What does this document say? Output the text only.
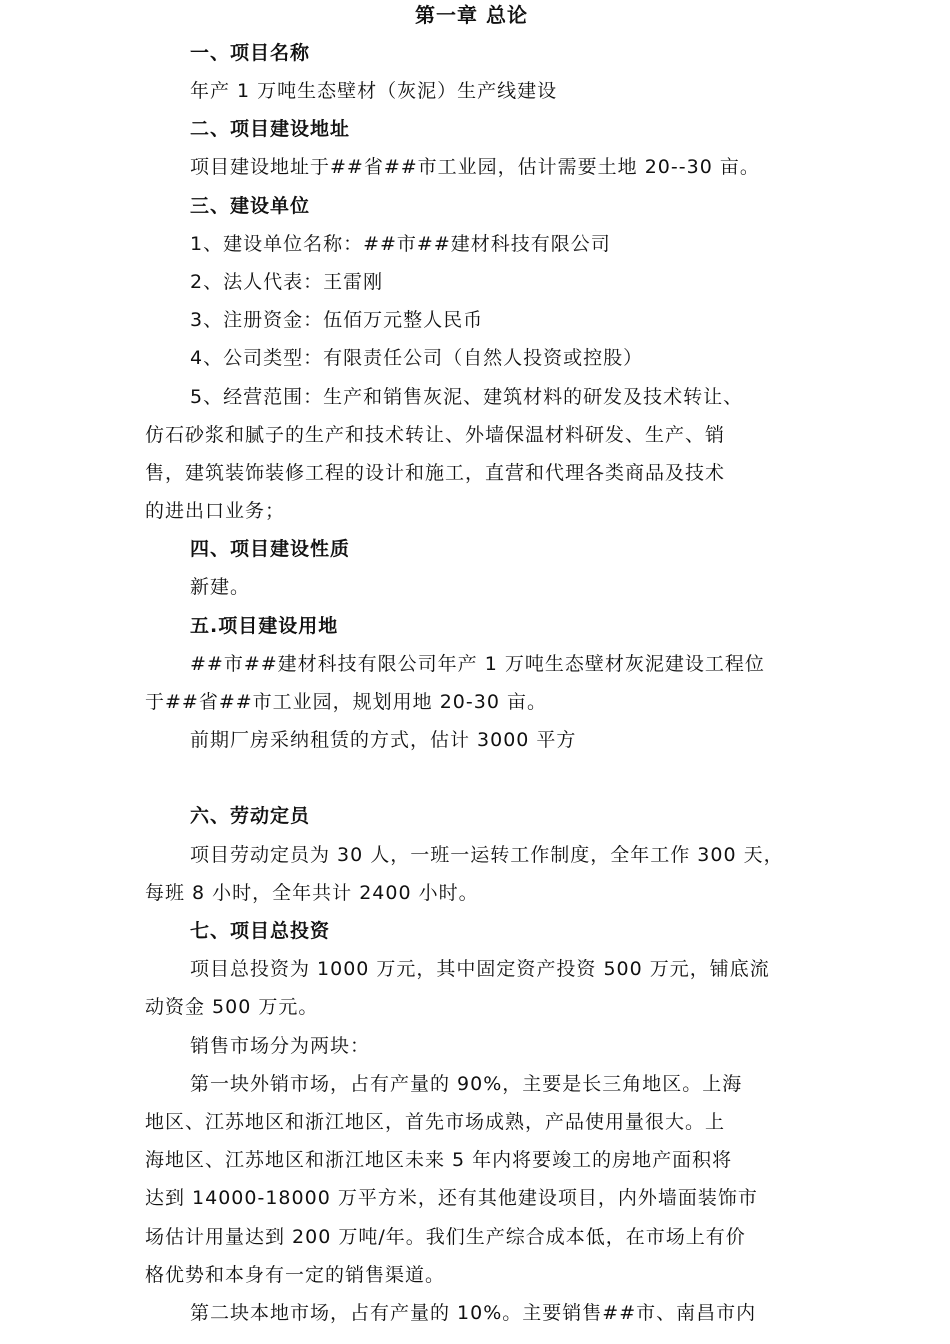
第一章 总论
一、项目名称
年产 1 万吨生态壁材（灰泥）生产线建设
二、项目建设地址
项目建设地址于##省##市工业园，估计需要土地 20--30 亩。
三、建设单位
1、建设单位名称：##市##建材科技有限公司
2、法人代表：王雷刚
3、注册资金：伍佰万元整人民币
4、公司类型：有限责任公司（自然人投资或控股）
5、经营范围：生产和销售灰泥、建筑材料的研发及技术转让、
仿石砂浆和腻子的生产和技术转让、外墙保温材料研发、生产、销
售，建筑装饰装修工程的设计和施工，直营和代理各类商品及技术
的进出口业务；
四、项目建设性质
新建。
五.项目建设用地
##市##建材科技有限公司年产 1 万吨生态壁材灰泥建设工程位
于##省##市工业园，规划用地 20-30 亩。
前期厂房采纳租赁的方式，估计 3000 平方
六、劳动定员
项目劳动定员为 30 人，一班一运转工作制度，全年工作 300 天，
每班 8 小时，全年共计 2400 小时。
七、项目总投资
项目总投资为 1000 万元，其中固定资产投资 500 万元，铺底流
动资金 500 万元。
销售市场分为两块：
第一块外销市场，占有产量的 90%，主要是长三角地区。上海
地区、江苏地区和浙江地区，首先市场成熟，产品使用量很大。上
海地区、江苏地区和浙江地区未来 5 年内将要竣工的房地产面积将
达到 14000-18000 万平方米，还有其他建设项目，内外墙面装饰市
场估计用量达到 200 万吨/年。我们生产综合成本低，在市场上有价
格优势和本身有一定的销售渠道。
第二块本地市场，占有产量的 10%。主要销售##市、南昌市内
